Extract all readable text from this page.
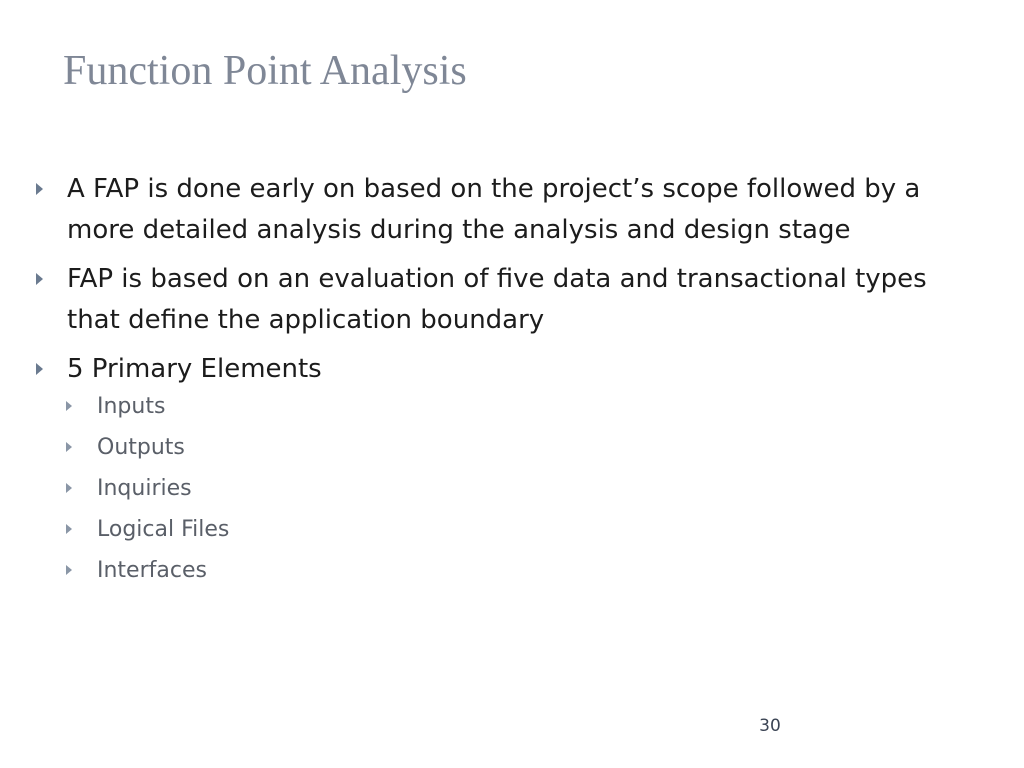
Function Point Analysis
A FAP is done early on based on the project’s scope followed by a more detailed analysis during the analysis and design stage
FAP is based on an evaluation of five data and transactional types that define the application boundary
5 Primary Elements
Inputs
Outputs
Inquiries
Logical Files
Interfaces
30
